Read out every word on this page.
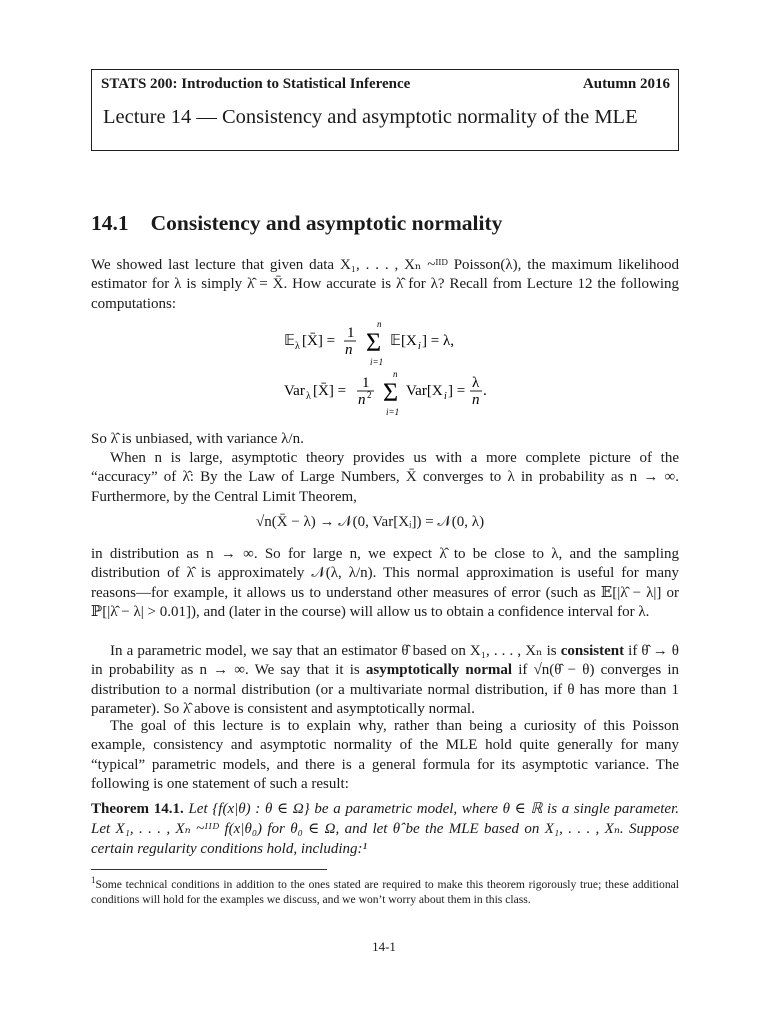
STATS 200: Introduction to Statistical Inference	Autumn 2016
Lecture 14 — Consistency and asymptotic normality of the MLE
14.1 Consistency and asymptotic normality
We showed last lecture that given data X₁, . . . , Xₙ ~ᴵᴵᴰ Poisson(λ), the maximum likelihood estimator for λ is simply λ̂ = X̄. How accurate is λ̂ for λ? Recall from Lecture 12 the following computations:
𝔼 λ [X̄] = 1
n
n
Σ
i=1
𝔼[X i ] = λ,
Var λ [X̄] = 1
n 2
n
Σ
i=1
Var[X i ] = λ
n
.
So λ̂ is unbiased, with variance λ/n.
When n is large, asymptotic theory provides us with a more complete picture of the “accuracy” of λ̂: By the Law of Large Numbers, X̄ converges to λ in probability as n → ∞. Furthermore, by the Central Limit Theorem,
√n(X̄ − λ) → 𝒩(0, Var[Xᵢ]) = 𝒩(0, λ)
in distribution as n → ∞. So for large n, we expect λ̂ to be close to λ, and the sampling distribution of λ̂ is approximately 𝒩(λ, λ/n). This normal approximation is useful for many reasons—for example, it allows us to understand other measures of error (such as 𝔼[|λ̂ − λ|] or ℙ[|λ̂ − λ| > 0.01]), and (later in the course) will allow us to obtain a confidence interval for λ.
In a parametric model, we say that an estimator θ̂ based on X₁, . . . , Xₙ is consistent if θ̂ → θ in probability as n → ∞. We say that it is asymptotically normal if √n(θ̂ − θ) converges in distribution to a normal distribution (or a multivariate normal distribution, if θ has more than 1 parameter). So λ̂ above is consistent and asymptotically normal.
The goal of this lecture is to explain why, rather than being a curiosity of this Poisson example, consistency and asymptotic normality of the MLE hold quite generally for many “typical” parametric models, and there is a general formula for its asymptotic variance. The following is one statement of such a result:
Theorem 14.1. Let {f(x|θ) : θ ∈ Ω} be a parametric model, where θ ∈ ℝ is a single parameter. Let X₁, . . . , Xₙ ~ᴵᴵᴰ f(x|θ₀) for θ₀ ∈ Ω, and let θ̂ be the MLE based on X₁, . . . , Xₙ. Suppose certain regularity conditions hold, including:¹
$^1$Some technical conditions in addition to the ones stated are required to make this theorem rigorously true; these additional conditions will hold for the examples we discuss, and we won’t worry about them in this class.
14-1
